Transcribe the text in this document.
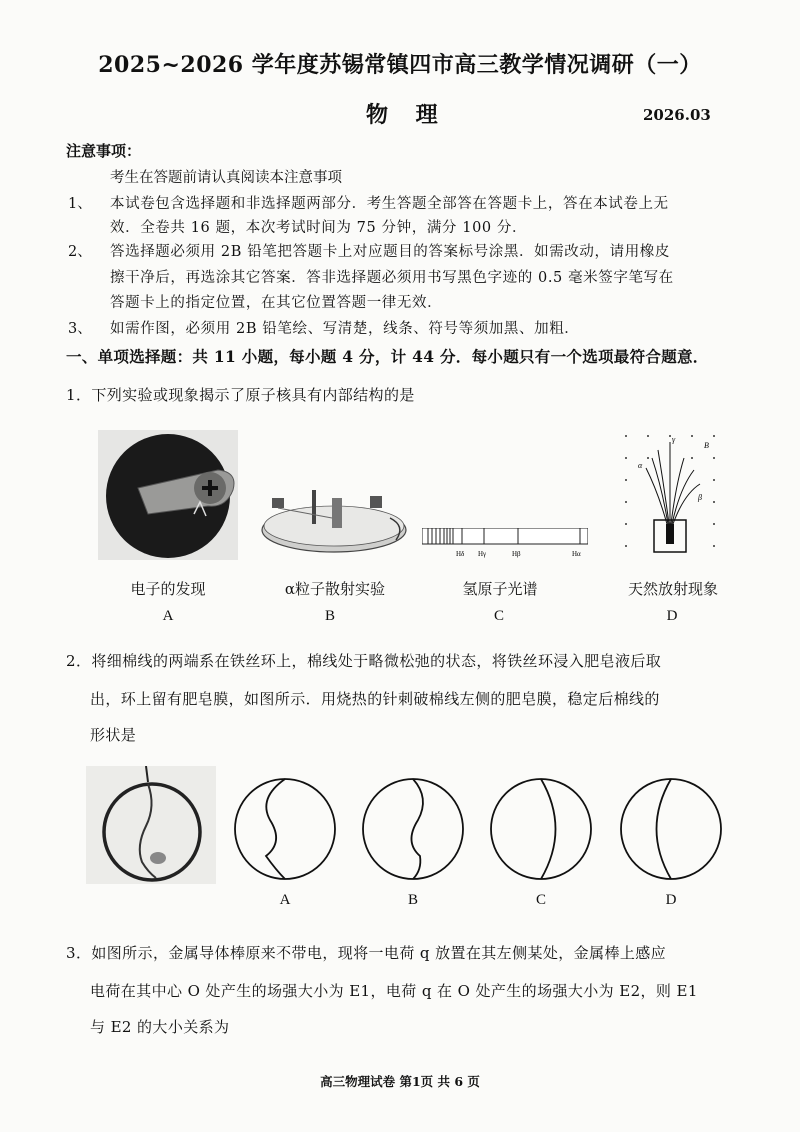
2025~2026 学年度苏锡常镇四市高三教学情况调研（一）
物 理	2026.03
注意事项：
考生在答题前请认真阅读本注意事项
1、 本试卷包含选择题和非选择题两部分．考生答题全部答在答题卡上，答在本试卷上无
效．全卷共 16 题，本次考试时间为 75 分钟，满分 100 分．
2、 答选择题必须用 2B 铅笔把答题卡上对应题目的答案标号涂黑．如需改动，请用橡皮
擦干净后，再选涂其它答案．答非选择题必须用书写黑色字迹的 0.5 毫米签字笔写在
答题卡上的指定位置，在其它位置答题一律无效．
3、 如需作图，必须用 2B 铅笔绘、写清楚，线条、符号等须加黑、加粗．
一、单项选择题：共 11 小题，每小题 4 分，计 44 分．每小题只有一个选项最符合题意．
1．下列实验或现象揭示了原子核具有内部结构的是
Hδ Hγ	Hβ	Hα
γ
α
β
B
电子的发现	α粒子散射实验	氢原子光谱	天然放射现象
A	B	C	D
2．将细棉线的两端系在铁丝环上，棉线处于略微松弛的状态，将铁丝环浸入肥皂液后取
出，环上留有肥皂膜，如图所示．用烧热的针刺破棉线左侧的肥皂膜，稳定后棉线的
形状是
A	B	C	D
3．如图所示，金属导体棒原来不带电，现将一电荷 q 放置在其左侧某处，金属棒上感应
电荷在其中心 O 处产生的场强大小为 E1，电荷 q 在 O 处产生的场强大小为 E2，则 E1
与 E2 的大小关系为
高三物理试卷 第1页 共 6 页
